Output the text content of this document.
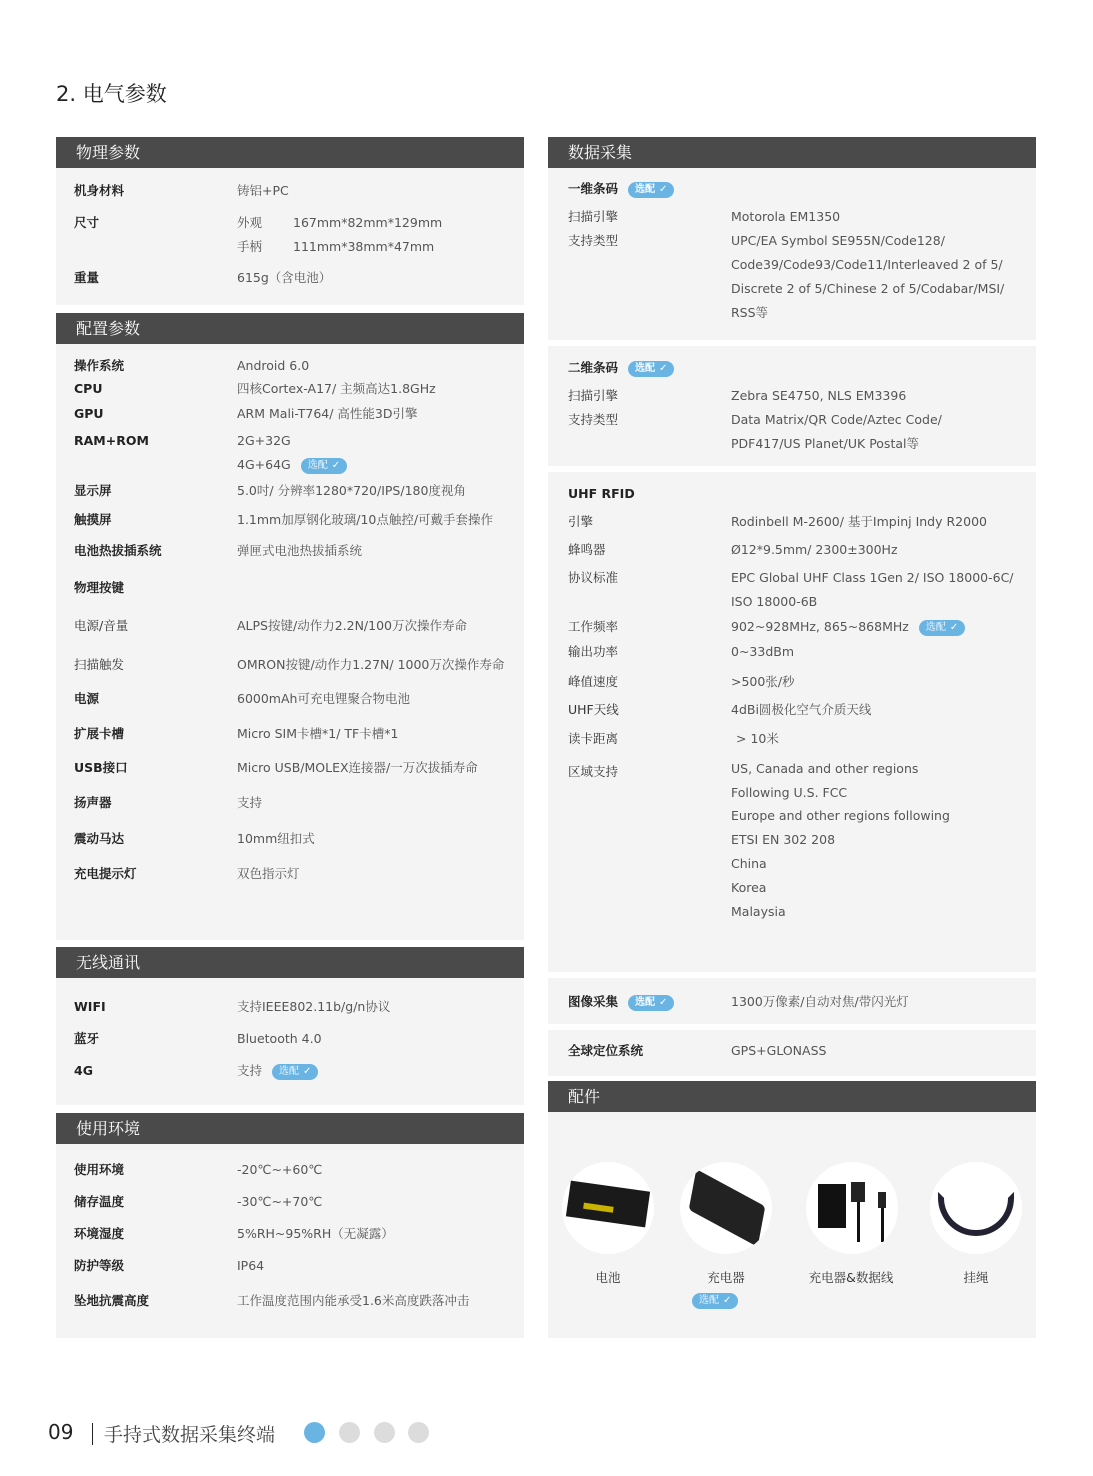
2. 电气参数
物理参数
机身材料	铸铝+PC
尺寸	外观 167mm*82mm*129mm
手柄 111mm*38mm*47mm
重量	615g（含电池）
配置参数
操作系统	Android 6.0
CPU	四核Cortex-A17/ 主频高达1.8GHz
GPU	ARM Mali-T764/ 高性能3D引擎
RAM+ROM	2G+32G
4G+64G 选配 ✓
显示屏	5.0吋/ 分辨率1280*720/IPS/180度视角
触摸屏	1.1mm加厚钢化玻璃/10点触控/可戴手套操作
电池热拔插系统	弹匣式电池热拔插系统
物理按键
电源/音量	ALPS按键/动作力2.2N/100万次操作寿命
扫描触发	OMRON按键/动作力1.27N/ 1000万次操作寿命
电源	6000mAh可充电锂聚合物电池
扩展卡槽	Micro SIM卡槽*1/ TF卡槽*1
USB接口	Micro USB/MOLEX连接器/一万次拔插寿命
扬声器	支持
震动马达	10mm纽扣式
充电提示灯	双色指示灯
无线通讯
WIFI	支持IEEE802.11b/g/n协议
蓝牙	Bluetooth 4.0
4G	支持 选配 ✓
使用环境
使用环境	-20℃~+60℃
储存温度	-30℃~+70℃
环境湿度	5%RH~95%RH（无凝露）
防护等级	IP64
坠地抗震高度	工作温度范围内能承受1.6米高度跌落冲击
数据采集
一维条码 选配 ✓
扫描引擎	Motorola EM1350
支持类型	UPC/EA Symbol SE955N/Code128/
Code39/Code93/Code11/Interleaved 2 of 5/
Discrete 2 of 5/Chinese 2 of 5/Codabar/MSI/
RSS等
二维条码 选配 ✓
扫描引擎	Zebra SE4750, NLS EM3396
支持类型	Data Matrix/QR Code/Aztec Code/
PDF417/US Planet/UK Postal等
UHF RFID
引擎	Rodinbell M-2600/ 基于Impinj Indy R2000
蜂鸣器	Ø12*9.5mm/ 2300±300Hz
协议标准	EPC Global UHF Class 1Gen 2/ ISO 18000-6C/
ISO 18000-6B
工作频率	902~928MHz, 865~868MHz 选配 ✓
输出功率	0~33dBm
峰值速度	>500张/秒
UHF天线	4dBi圆极化空气介质天线
读卡距离	> 10米
区域支持	US, Canada and other regions
Following U.S. FCC
Europe and other regions following
ETSI EN 302 208
China
Korea
Malaysia
图像采集 选配 ✓	1300万像素/自动对焦/带闪光灯
全球定位系统	GPS+GLONASS
配件
电池	充电器	充电器&数据线	挂绳
选配 ✓
09 手持式数据采集终端
